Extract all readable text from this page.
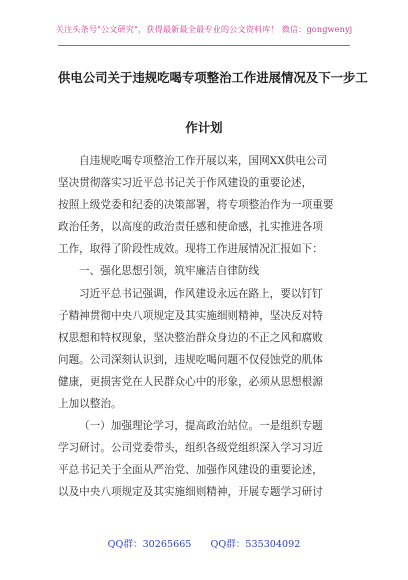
关注头条号"公文研究"，获得最新最全最专业的公文资料库！ 微信：gongwenyj
供电公司关于违规吃喝专项整治工作进展情况及下一步工
作计划

自违规吃喝专项整治工作开展以来，国网XX供电公司
坚决贯彻落实习近平总书记关于作风建设的重要论述，
按照上级党委和纪委的决策部署，将专项整治作为一项重要
政治任务，以高度的政治责任感和使命感，扎实推进各项
工作，取得了阶段性成效。现将工作进展情况汇报如下：

一、强化思想引领，筑牢廉洁自律防线

习近平总书记强调，作风建设永远在路上，要以钉钉
子精神贯彻中央八项规定及其实施细则精神，坚决反对特
权思想和特权现象，坚决整治群众身边的不正之风和腐败
问题。公司深刻认识到，违规吃喝问题不仅侵蚀党的肌体
健康，更损害党在人民群众心中的形象，必须从思想根源
上加以整治。

（一）加强理论学习，提高政治站位。一是组织专题
学习研讨。公司党委带头，组织各级党组织深入学习习近
平总书记关于全面从严治党、加强作风建设的重要论述，
以及中央八项规定及其实施细则精神，开展专题学习研讨

QQ群：30265665 QQ群：535304092
